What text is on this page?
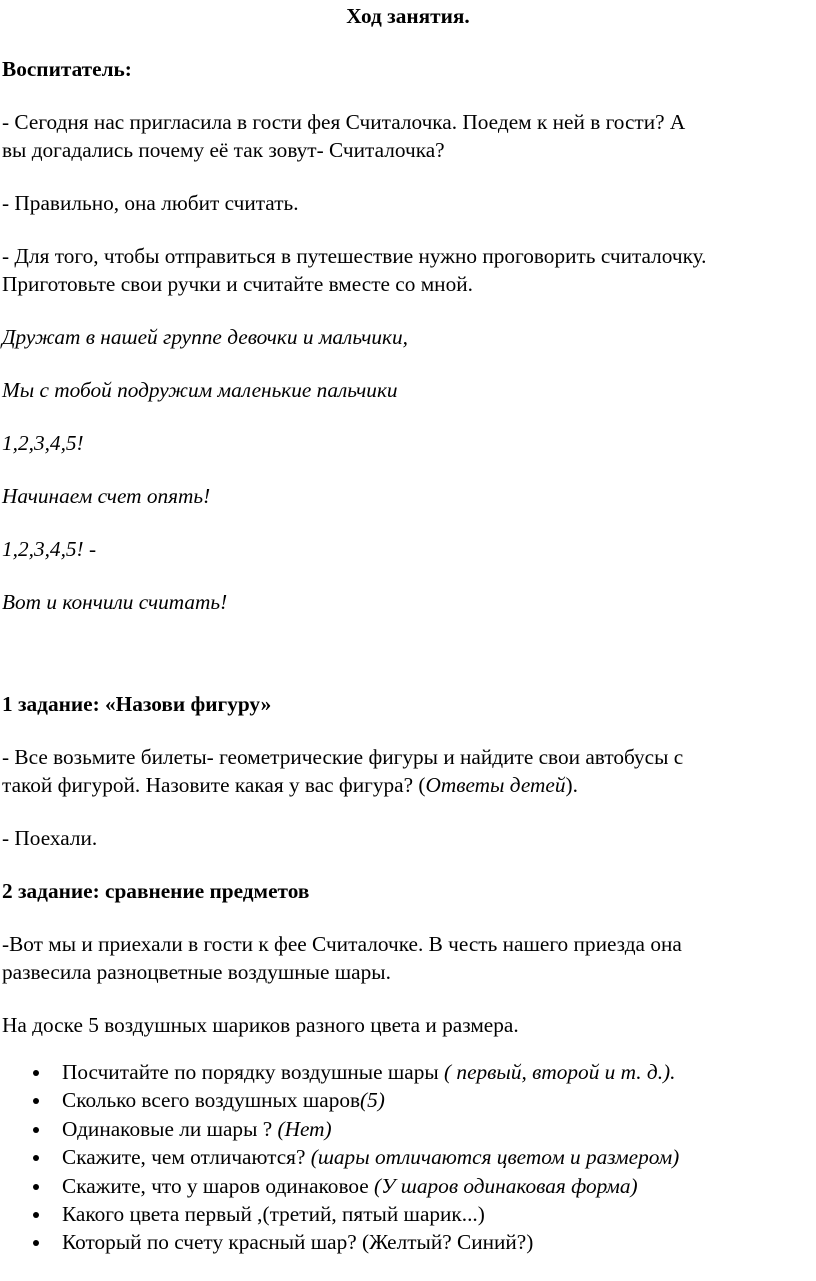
Ход занятия.
Воспитатель:
- Сегодня нас пригласила в гости фея Считалочка. Поедем к ней в гости? А
вы догадались почему её так зовут- Считалочка?
- Правильно, она любит считать.
- Для того, чтобы отправиться в путешествие нужно проговорить считалочку.
Приготовьте свои ручки и считайте вместе со мной.
Дружат в нашей группе девочки и мальчики,
Мы с тобой подружим маленькие пальчики
1,2,3,4,5!
Начинаем счет опять!
1,2,3,4,5! -
Вот и кончили считать!
1 задание: «Назови фигуру»
- Все возьмите билеты- геометрические фигуры и найдите свои автобусы с
такой фигурой. Назовите какая у вас фигура? (Ответы детей).
- Поехали.
2 задание: сравнение предметов
-Вот мы и приехали в гости к фее Считалочке. В честь нашего приезда она
развесила разноцветные воздушные шары.
На доске 5 воздушных шариков разного цвета и размера.
Посчитайте по порядку воздушные шары ( первый, второй и т. д.).
Сколько всего воздушных шаров(5)
Одинаковые ли шары ? (Нет)
Скажите, чем отличаются? (шары отличаются цветом и размером)
Скажите, что у шаров одинаковое (У шаров одинаковая форма)
Какого цвета первый ,(третий, пятый шарик...)
Который по счету красный шар? (Желтый? Синий?)
